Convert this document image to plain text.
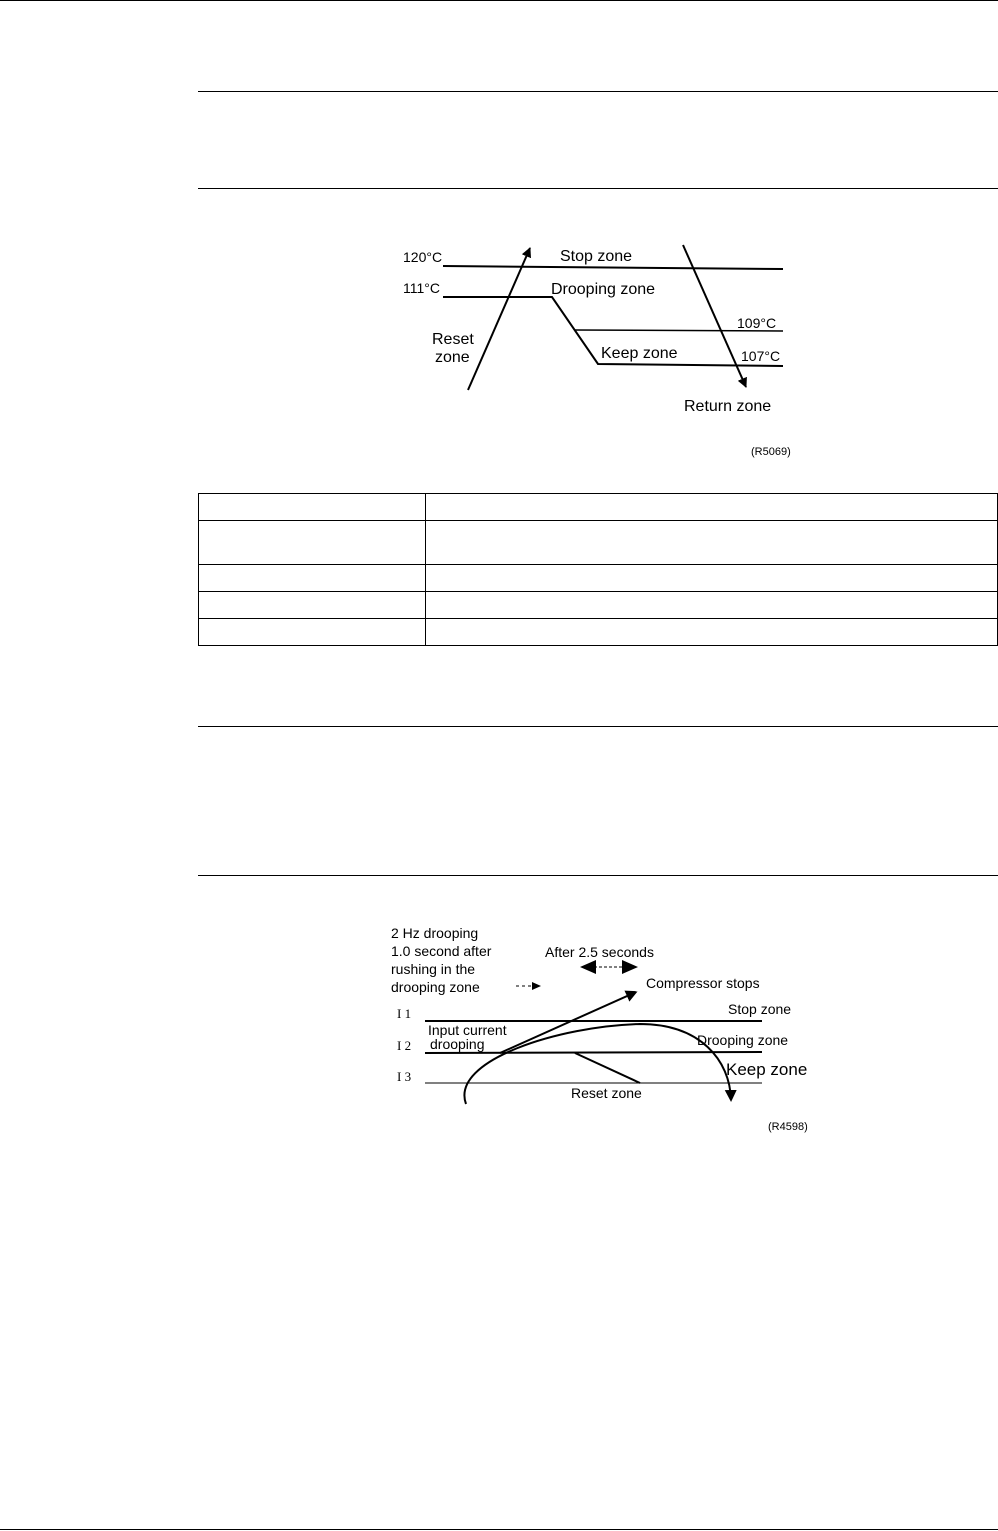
120°C
111°C
Stop zone
Drooping zone
109°C
Keep zone	107°C
Reset
zone
Return zone
(R5069)

2 Hz drooping
1.0 second after
rushing in the
drooping zone
After 2.5 seconds
Compressor stops
Stop zone
Drooping zone
Keep zone
Reset zone
I 1
I 2
I 3
Input current
drooping
(R4598)
